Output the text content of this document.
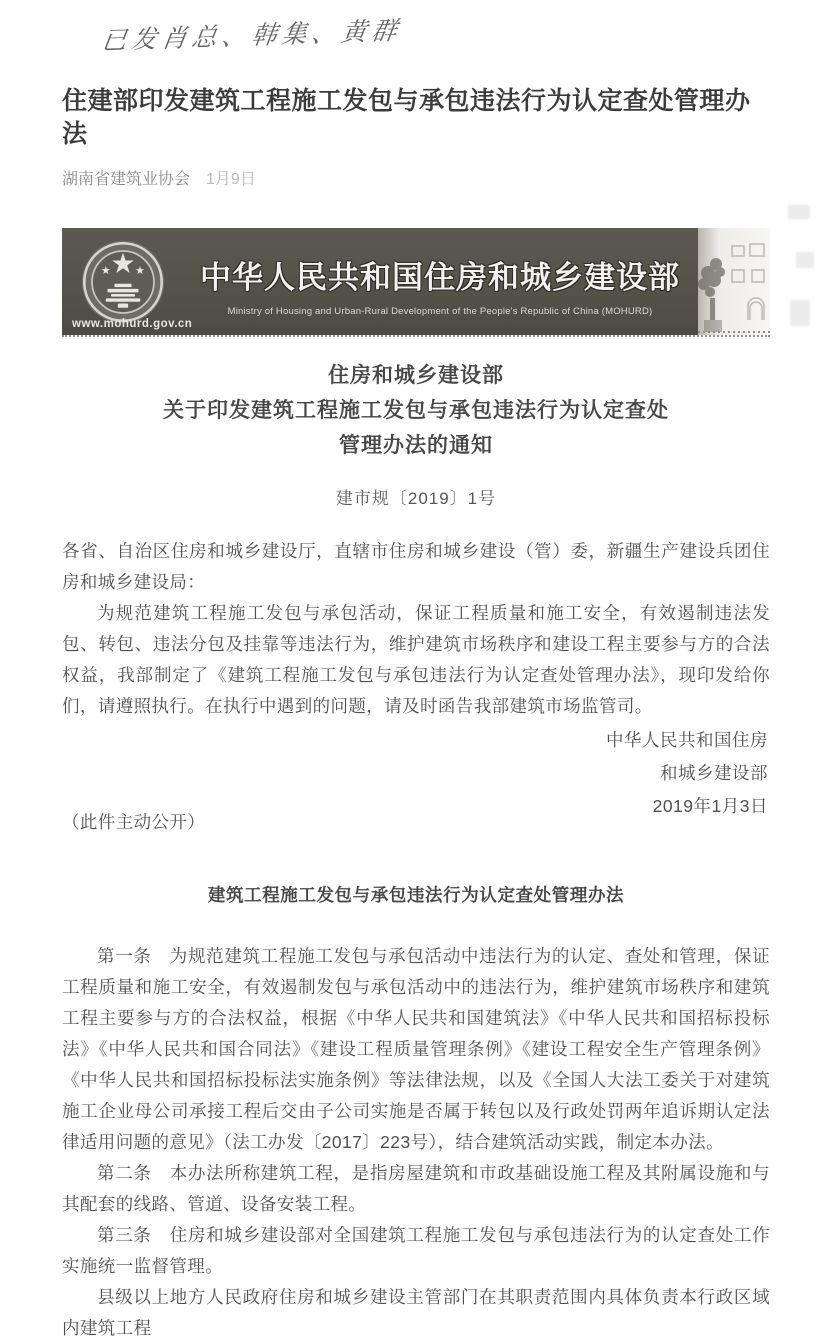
已发肖总、韩集、黄群
住建部印发建筑工程施工发包与承包违法行为认定查处管理办法
湖南省建筑业协会 1月9日
中华人民共和国住房和城乡建设部
Ministry of Housing and Urban-Rural Development of the People's Republic of China (MOHURD)
www.mohurd.gov.cn
住房和城乡建设部
关于印发建筑工程施工发包与承包违法行为认定查处
管理办法的通知
建市规〔2019〕1号

各省、自治区住房和城乡建设厅，直辖市住房和城乡建设（管）委，新疆生产建设兵团住房和城乡建设局：

为规范建筑工程施工发包与承包活动，保证工程质量和施工安全，有效遏制违法发包、转包、违法分包及挂靠等违法行为，维护建筑市场秩序和建设工程主要参与方的合法权益，我部制定了《建筑工程施工发包与承包违法行为认定查处管理办法》，现印发给你们，请遵照执行。在执行中遇到的问题，请及时函告我部建筑市场监管司。

中华人民共和国住房
和城乡建设部
2019年1月3日

（此件主动公开）

建筑工程施工发包与承包违法行为认定查处管理办法

第一条　为规范建筑工程施工发包与承包活动中违法行为的认定、查处和管理，保证工程质量和施工安全，有效遏制发包与承包活动中的违法行为，维护建筑市场秩序和建筑工程主要参与方的合法权益，根据《中华人民共和国建筑法》《中华人民共和国招标投标法》《中华人民共和国合同法》《建设工程质量管理条例》《建设工程安全生产管理条例》《中华人民共和国招标投标法实施条例》等法律法规，以及《全国人大法工委关于对建筑施工企业母公司承接工程后交由子公司实施是否属于转包以及行政处罚两年追诉期认定法律适用问题的意见》（法工办发〔2017〕223号），结合建筑活动实践，制定本办法。

第二条　本办法所称建筑工程，是指房屋建筑和市政基础设施工程及其附属设施和与其配套的线路、管道、设备安装工程。

第三条　住房和城乡建设部对全国建筑工程施工发包与承包违法行为的认定查处工作实施统一监督管理。

县级以上地方人民政府住房和城乡建设主管部门在其职责范围内具体负责本行政区域内建筑工程
